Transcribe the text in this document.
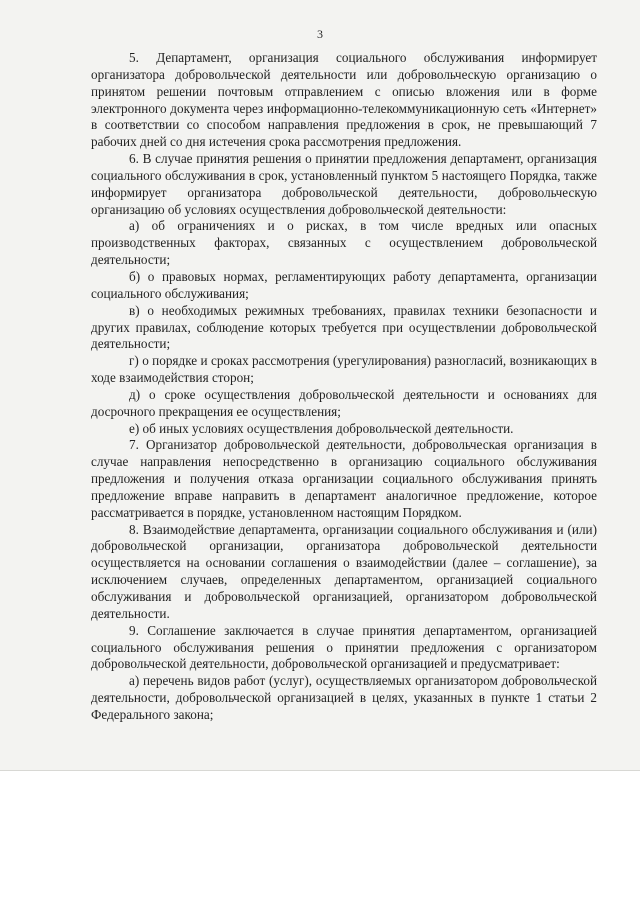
3

5. Департамент, организация социального обслуживания информирует организатора добровольческой деятельности или добровольческую организацию о принятом решении почтовым отправлением с описью вложения или в форме электронного документа через информационно-телекоммуникационную сеть «Интернет» в соответствии со способом направления предложения в срок, не превышающий 7 рабочих дней со дня истечения срока рассмотрения предложения.

6. В случае принятия решения о принятии предложения департамент, организация социального обслуживания в срок, установленный пунктом 5 настоящего Порядка, также информирует организатора добровольческой деятельности, добровольческую организацию об условиях осуществления добровольческой деятельности:

а) об ограничениях и о рисках, в том числе вредных или опасных производственных факторах, связанных с осуществлением добровольческой деятельности;

б) о правовых нормах, регламентирующих работу департамента, организации социального обслуживания;

в) о необходимых режимных требованиях, правилах техники безопасности и других правилах, соблюдение которых требуется при осуществлении добровольческой деятельности;

г) о порядке и сроках рассмотрения (урегулирования) разногласий, возникающих в ходе взаимодействия сторон;

д) о сроке осуществления добровольческой деятельности и основаниях для досрочного прекращения ее осуществления;

е) об иных условиях осуществления добровольческой деятельности.

7. Организатор добровольческой деятельности, добровольческая организация в случае направления непосредственно в организацию социального обслуживания предложения и получения отказа организации социального обслуживания принять предложение вправе направить в департамент аналогичное предложение, которое рассматривается в порядке, установленном настоящим Порядком.

8. Взаимодействие департамента, организации социального обслуживания и (или) добровольческой организации, организатора добровольческой деятельности осуществляется на основании соглашения о взаимодействии (далее – соглашение), за исключением случаев, определенных департаментом, организацией социального обслуживания и добровольческой организацией, организатором добровольческой деятельности.

9. Соглашение заключается в случае принятия департаментом, организацией социального обслуживания решения о принятии предложения с организатором добровольческой деятельности, добровольческой организацией и предусматривает:

а) перечень видов работ (услуг), осуществляемых организатором добровольческой деятельности, добровольческой организацией в целях, указанных в пункте 1 статьи 2 Федерального закона;
